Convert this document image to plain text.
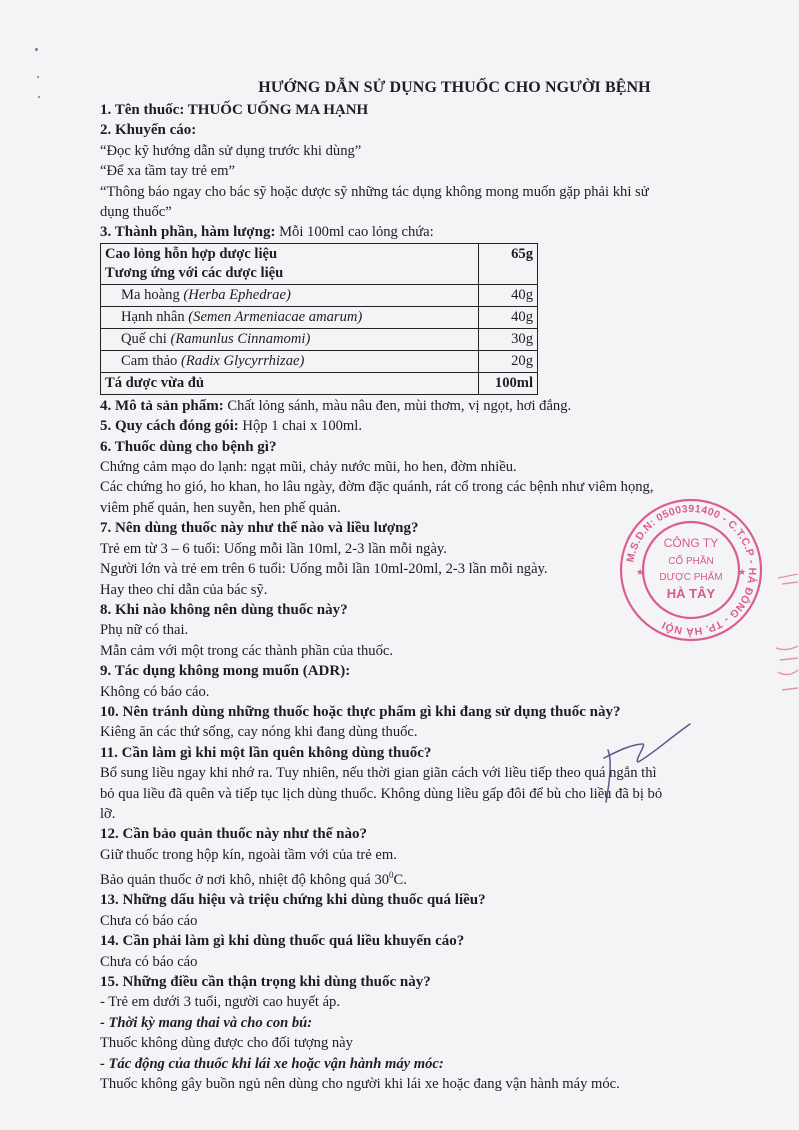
HƯỚNG DẪN SỬ DỤNG THUỐC CHO NGƯỜI BỆNH

1. Tên thuốc: THUỐC UỐNG MA HẠNH

2. Khuyến cáo:

“Đọc kỹ hướng dẫn sử dụng trước khi dùng”

“Để xa tầm tay trẻ em”

“Thông báo ngay cho bác sỹ hoặc dược sỹ những tác dụng không mong muốn gặp phải khi sử

dụng thuốc”

3. Thành phần, hàm lượng: Mỗi 100ml cao lỏng chứa:

Cao lỏng hỗn hợp dược liệu
Tương ứng với các dược liệu	65g
Ma hoàng (Herba Ephedrae)	40g
Hạnh nhân (Semen Armeniacae amarum)	40g
Quế chi (Ramunlus Cinnamomi)	30g
Cam thảo (Radix Glycyrrhizae)	20g
Tá dược vừa đủ	100ml

4. Mô tả sản phẩm: Chất lỏng sánh, màu nâu đen, mùi thơm, vị ngọt, hơi đắng.

5. Quy cách đóng gói: Hộp 1 chai x 100ml.

6. Thuốc dùng cho bệnh gì?

Chứng cảm mạo do lạnh: ngạt mũi, chảy nước mũi, ho hen, đờm nhiều.

Các chứng ho gió, ho khan, ho lâu ngày, đờm đặc quánh, rát cổ trong các bệnh như viêm họng,

viêm phế quản, hen suyễn, hen phế quản.

7. Nên dùng thuốc này như thế nào và liều lượng?

Trẻ em từ 3 – 6 tuổi: Uống mỗi lần 10ml, 2-3 lần mỗi ngày.

Người lớn và trẻ em trên 6 tuổi: Uống mỗi lần 10ml-20ml, 2-3 lần mỗi ngày.

Hay theo chỉ dẫn của bác sỹ.

8. Khi nào không nên dùng thuốc này?

Phụ nữ có thai.

Mẫn cảm với một trong các thành phần của thuốc.

9. Tác dụng không mong muốn (ADR):

Không có báo cáo.

10. Nên tránh dùng những thuốc hoặc thực phẩm gì khi đang sử dụng thuốc này?

Kiêng ăn các thứ sống, cay nóng khi đang dùng thuốc.

11. Cần làm gì khi một lần quên không dùng thuốc?

Bổ sung liều ngay khi nhớ ra. Tuy nhiên, nếu thời gian giãn cách với liều tiếp theo quá ngắn thì

bỏ qua liều đã quên và tiếp tục lịch dùng thuốc. Không dùng liều gấp đôi để bù cho liều đã bị bỏ

lỡ.

12. Cần bảo quản thuốc này như thế nào?

Giữ thuốc trong hộp kín, ngoài tầm với của trẻ em.

Bảo quản thuốc ở nơi khô, nhiệt độ không quá $30^0C$.

13. Những dấu hiệu và triệu chứng khi dùng thuốc quá liều?

Chưa có báo cáo

14. Cần phải làm gì khi dùng thuốc quá liều khuyến cáo?

Chưa có báo cáo

15. Những điều cần thận trọng khi dùng thuốc này?

- Trẻ em dưới 3 tuổi, người cao huyết áp.

- Thời kỳ mang thai và cho con bú:

Thuốc không dùng được cho đối tượng này

- Tác động của thuốc khi lái xe hoặc vận hành máy móc:

Thuốc không gây buồn ngủ nên dùng cho người khi lái xe hoặc đang vận hành máy móc.

M.S.D.N: 0500391400 - C.T.C.P - HÀ ĐÔNG - TP. HÀ NỘI
CÔNG TY
CỔ PHẦN
DƯỢC PHẨM
HÀ TÂY
★	★
